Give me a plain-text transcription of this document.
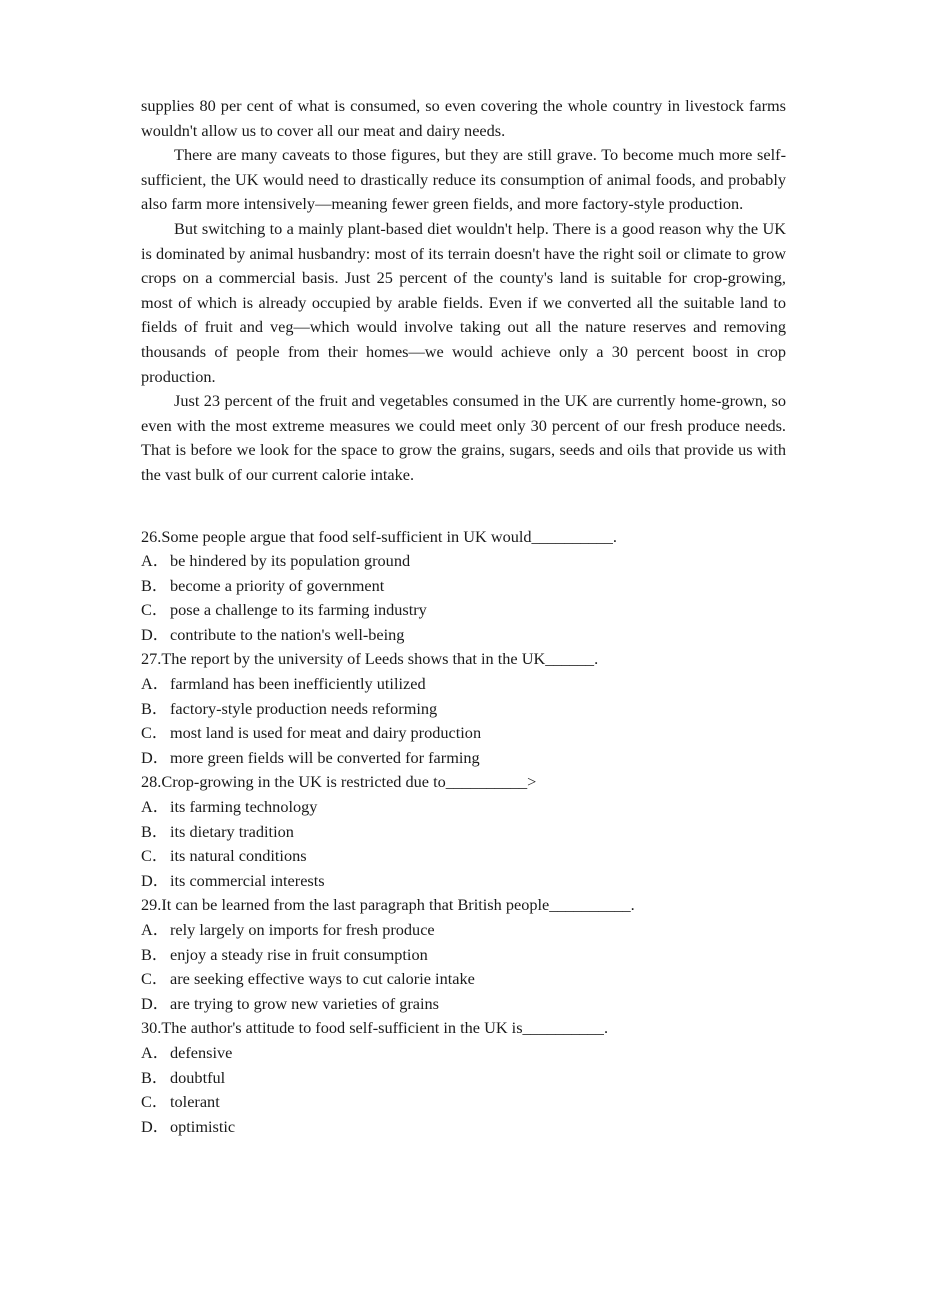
supplies 80 per cent of what is consumed, so even covering the whole country in livestock farms wouldn't allow us to cover all our meat and dairy needs.

There are many caveats to those figures, but they are still grave. To become much more self-sufficient, the UK would need to drastically reduce its consumption of animal foods, and probably also farm more intensively—meaning fewer green fields, and more factory-style production.

But switching to a mainly plant-based diet wouldn't help. There is a good reason why the UK is dominated by animal husbandry: most of its terrain doesn't have the right soil or climate to grow crops on a commercial basis. Just 25 percent of the county's land is suitable for crop-growing, most of which is already occupied by arable fields. Even if we converted all the suitable land to fields of fruit and veg—which would involve taking out all the nature reserves and removing thousands of people from their homes—we would achieve only a 30 percent boost in crop production.

Just 23 percent of the fruit and vegetables consumed in the UK are currently home-grown, so even with the most extreme measures we could meet only 30 percent of our fresh produce needs. That is before we look for the space to grow the grains, sugars, seeds and oils that provide us with the vast bulk of our current calorie intake.

26.Some people argue that food self-sufficient in UK would__________.

A．be hindered by its population ground

B． become a priority of government

C． pose a challenge to its farming industry

D．contribute to the nation's well-being

27.The report by the university of Leeds shows that in the UK______.

A．farmland has been inefficiently utilized

B． factory-style production needs reforming

C． most land is used for meat and dairy production

D．more green fields will be converted for farming

28.Crop-growing in the UK is restricted due to__________>

A．its farming technology

B． its dietary tradition

C． its natural conditions

D．its commercial interests

29.It can be learned from the last paragraph that British people__________.

A．rely largely on imports for fresh produce

B． enjoy a steady rise in fruit consumption

C． are seeking effective ways to cut calorie intake

D．are trying to grow new varieties of grains

30.The author's attitude to food self-sufficient in the UK is__________.

A．defensive

B． doubtful

C． tolerant

D．optimistic
